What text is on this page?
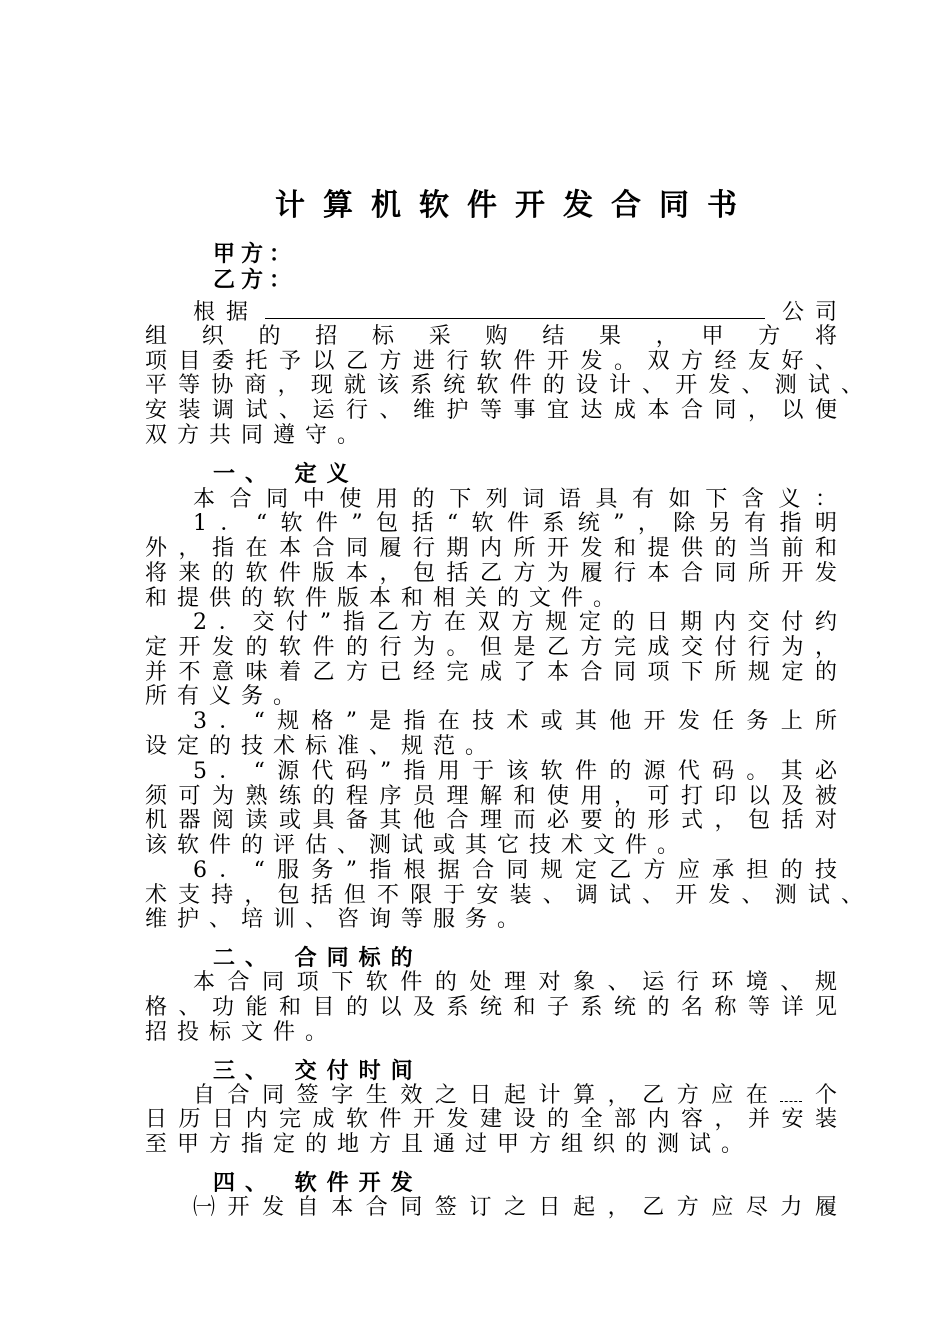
计算机软件开发合同书
甲方：
乙方：
根据	公司
组　织　的　招　标　采　购　结　果　，　甲　方　将
项目委托予以乙方进行软件开发。双方经友好、
平等协商，现就该系统软件的设计、开发、测试、
安装调试、运行、维护等事宜达成本合同，以便
双方共同遵守。
一、 定义
本合同中使用的下列词语具有如下含义：
1．“软件”包括“软件系统”，除另有指明
外，指在本合同履行期内所开发和提供的当前和
将来的软件版本，包括乙方为履行本合同所开发
和提供的软件版本和相关的文件。
2．交付”指乙方在双方规定的日期内交付约
定开发的软件的行为。但是乙方完成交付行为，
并不意味着乙方已经完成了本合同项下所规定的
所有义务。
3．“规格”是指在技术或其他开发任务上所
设定的技术标准、规范。
5．“源代码”指用于该软件的源代码。其必
须可为熟练的程序员理解和使用，可打印以及被
机器阅读或具备其他合理而必要的形式，包括对
该软件的评估、测试或其它技术文件。
6．“服务”指根据合同规定乙方应承担的技
术支持，包括但不限于安装、调试、开发、测试、
维护、培训、咨询等服务。
二、 合同标的
本合同项下软件的处理对象、运行环境、规
格、功能和目的以及系统和子系统的名称等详见
招投标文件。
三、 交付时间
自合同签字生效之日起计算，乙方应在 个
日历日内完成软件开发建设的全部内容，并安装
至甲方指定的地方且通过甲方组织的测试。
四、 软件开发
㈠开发自本合同签订之日起，乙方应尽力履
